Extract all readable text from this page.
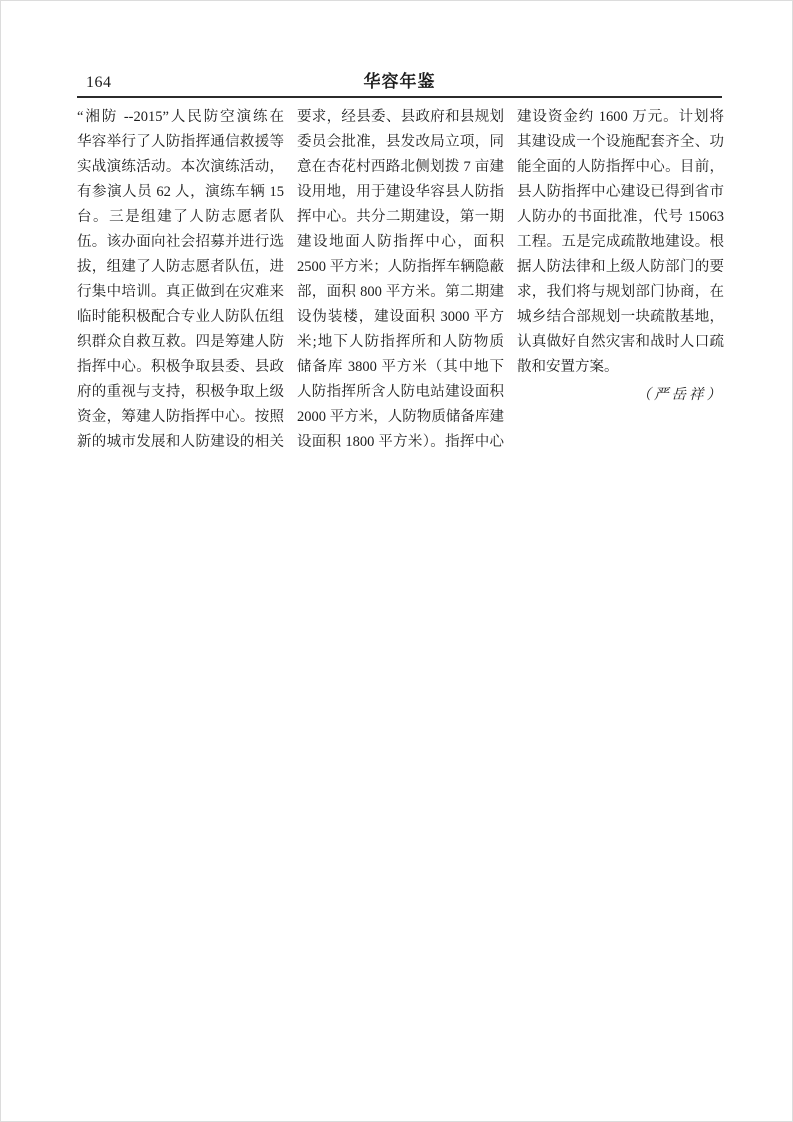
164	华容年鉴
“湘防 --2015”人民防空演练在
华容举行了人防指挥通信救援等
实战演练活动。本次演练活动，
有参演人员 62 人，演练车辆 15
台。三是组建了人防志愿者队
伍。该办面向社会招募并进行选
拔，组建了人防志愿者队伍，进
行集中培训。真正做到在灾难来
临时能积极配合专业人防队伍组
织群众自救互救。四是筹建人防
指挥中心。积极争取县委、县政
府的重视与支持，积极争取上级
资金，筹建人防指挥中心。按照
新的城市发展和人防建设的相关
要求，经县委、县政府和县规划
委员会批准，县发改局立项，同
意在杏花村西路北侧划拨 7 亩建
设用地，用于建设华容县人防指
挥中心。共分二期建设，第一期
建设地面人防指挥中心，面积
2500 平方米；人防指挥车辆隐蔽
部，面积 800 平方米。第二期建
设伪装楼，建设面积 3000 平方
米;地下人防指挥所和人防物质
储备库 3800 平方米（其中地下
人防指挥所含人防电站建设面积
2000 平方米，人防物质储备库建
设面积 1800 平方米）。指挥中心
建设资金约 1600 万元。计划将
其建设成一个设施配套齐全、功
能全面的人防指挥中心。目前，
县人防指挥中心建设已得到省市
人防办的书面批准，代号 15063
工程。五是完成疏散地建设。根
据人防法律和上级人防部门的要
求，我们将与规划部门协商，在
城乡结合部规划一块疏散基地，
认真做好自然灾害和战时人口疏
散和安置方案。
（严岳祥）
